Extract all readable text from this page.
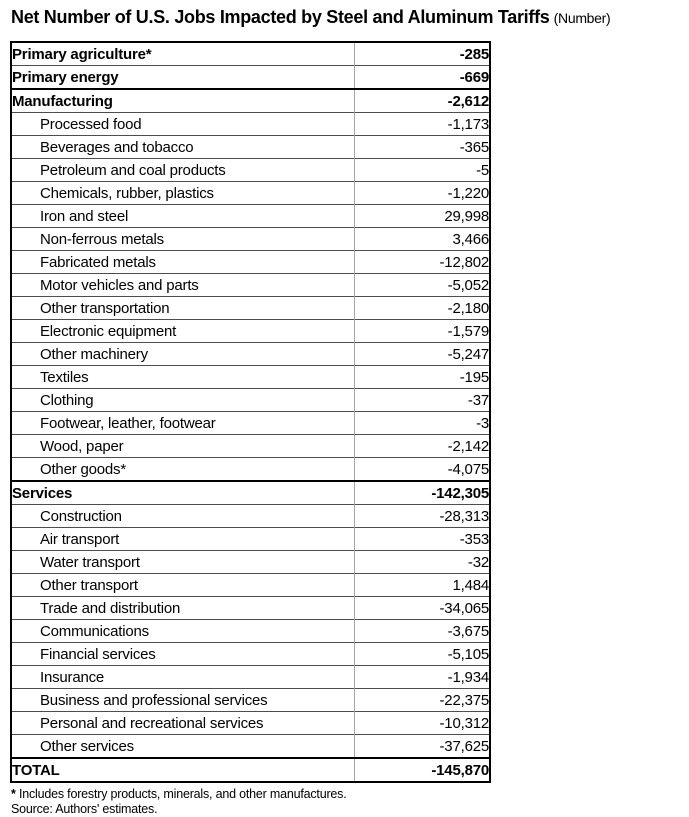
Net Number of U.S. Jobs Impacted by Steel and Aluminum Tariffs (Number)
Primary agriculture*	-285
Primary energy	-669
Manufacturing	-2,612
Processed food	-1,173
Beverages and tobacco	-365
Petroleum and coal products	-5
Chemicals, rubber, plastics	-1,220
Iron and steel	29,998
Non-ferrous metals	3,466
Fabricated metals	-12,802
Motor vehicles and parts	-5,052
Other transportation	-2,180
Electronic equipment	-1,579
Other machinery	-5,247
Textiles	-195
Clothing	-37
Footwear, leather, footwear	-3
Wood, paper	-2,142
Other goods*	-4,075
Services	-142,305
Construction	-28,313
Air transport	-353
Water transport	-32
Other transport	1,484
Trade and distribution	-34,065
Communications	-3,675
Financial services	-5,105
Insurance	-1,934
Business and professional services	-22,375
Personal and recreational services	-10,312
Other services	-37,625
TOTAL	-145,870
* Includes forestry products, minerals, and other manufactures.
Source: Authors' estimates.
